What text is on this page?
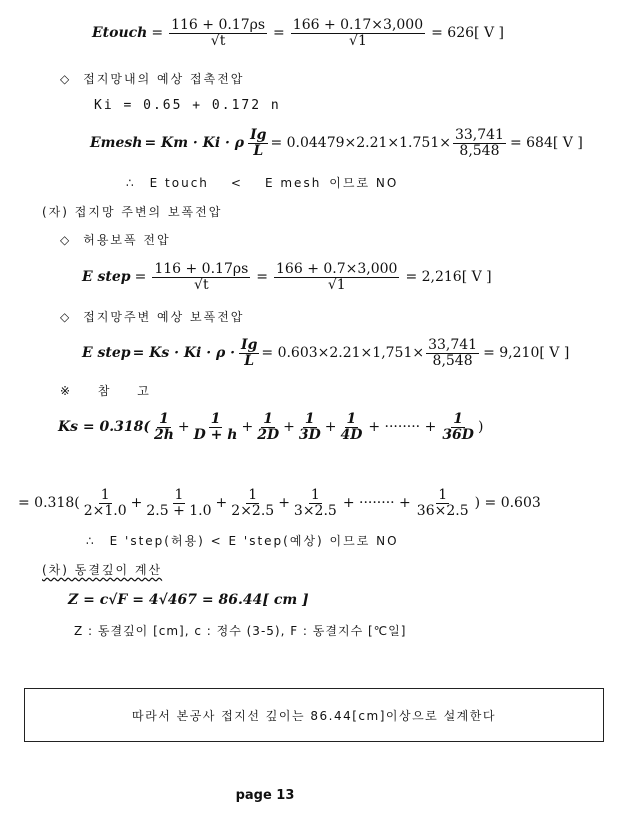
Etouch = $\frac{116 + 0.17\rho s}{√t} = \frac{166 + 0.17\times 3,000}{√1} = 626$[ V ]
◇ 접지망내의 예상 접촉전압
Ki = 0.65 + 0.172 n
Emesh = Km · Ki · ρ $\frac{Ig}{L} = 0.04479\times 2.21\times 1.751\times \frac{33,741}{8,548} = 684$[ V ]
∴ E touch < E mesh 이므로 NO
(자) 접지망 주변의 보폭전압
◇ 허용보폭 전압
E step = $\frac{116 + 0.17\rho s}{√t} = \frac{166 + 0.7\times 3,000}{√1} = 2,216$[ V ]
◇ 접지망주변 예상 보폭전압
E step = $Ks \cdot Ki \cdot \rho \cdot \frac{Ig}{L} = 0.603\times 2.21\times 1,751\times \frac{33,741}{8,548} = 9,210$[ V ]
※ 참 고
$Ks = 0.318( \frac{1}{2h} + \frac{1}{D + h} + \frac{1}{2D} + \frac{1}{3D} + \frac{1}{4D}$ + ········ + $\frac{1}{36D}$ )
= $0.318( \frac{1}{2\times 1.0} + \frac{1}{2.5 + 1.0} + \frac{1}{2\times 2.5} + \frac{1}{3\times 2.5}$ + ········ + $\frac{1}{36\times 2.5}$ ) = 0.603
∴ E 'step(허용) < E 'step(예상) 이므로 NO
(차) 동결깊이 계산
Z = c√F = 4√467 = 86.44[ cm ]
Z : 동결깊이 [cm], c : 정수 (3-5), F : 동결지수 [℃일]
따라서 본공사 접지선 깊이는 86.44[cm]이상으로 설계한다
page 13
